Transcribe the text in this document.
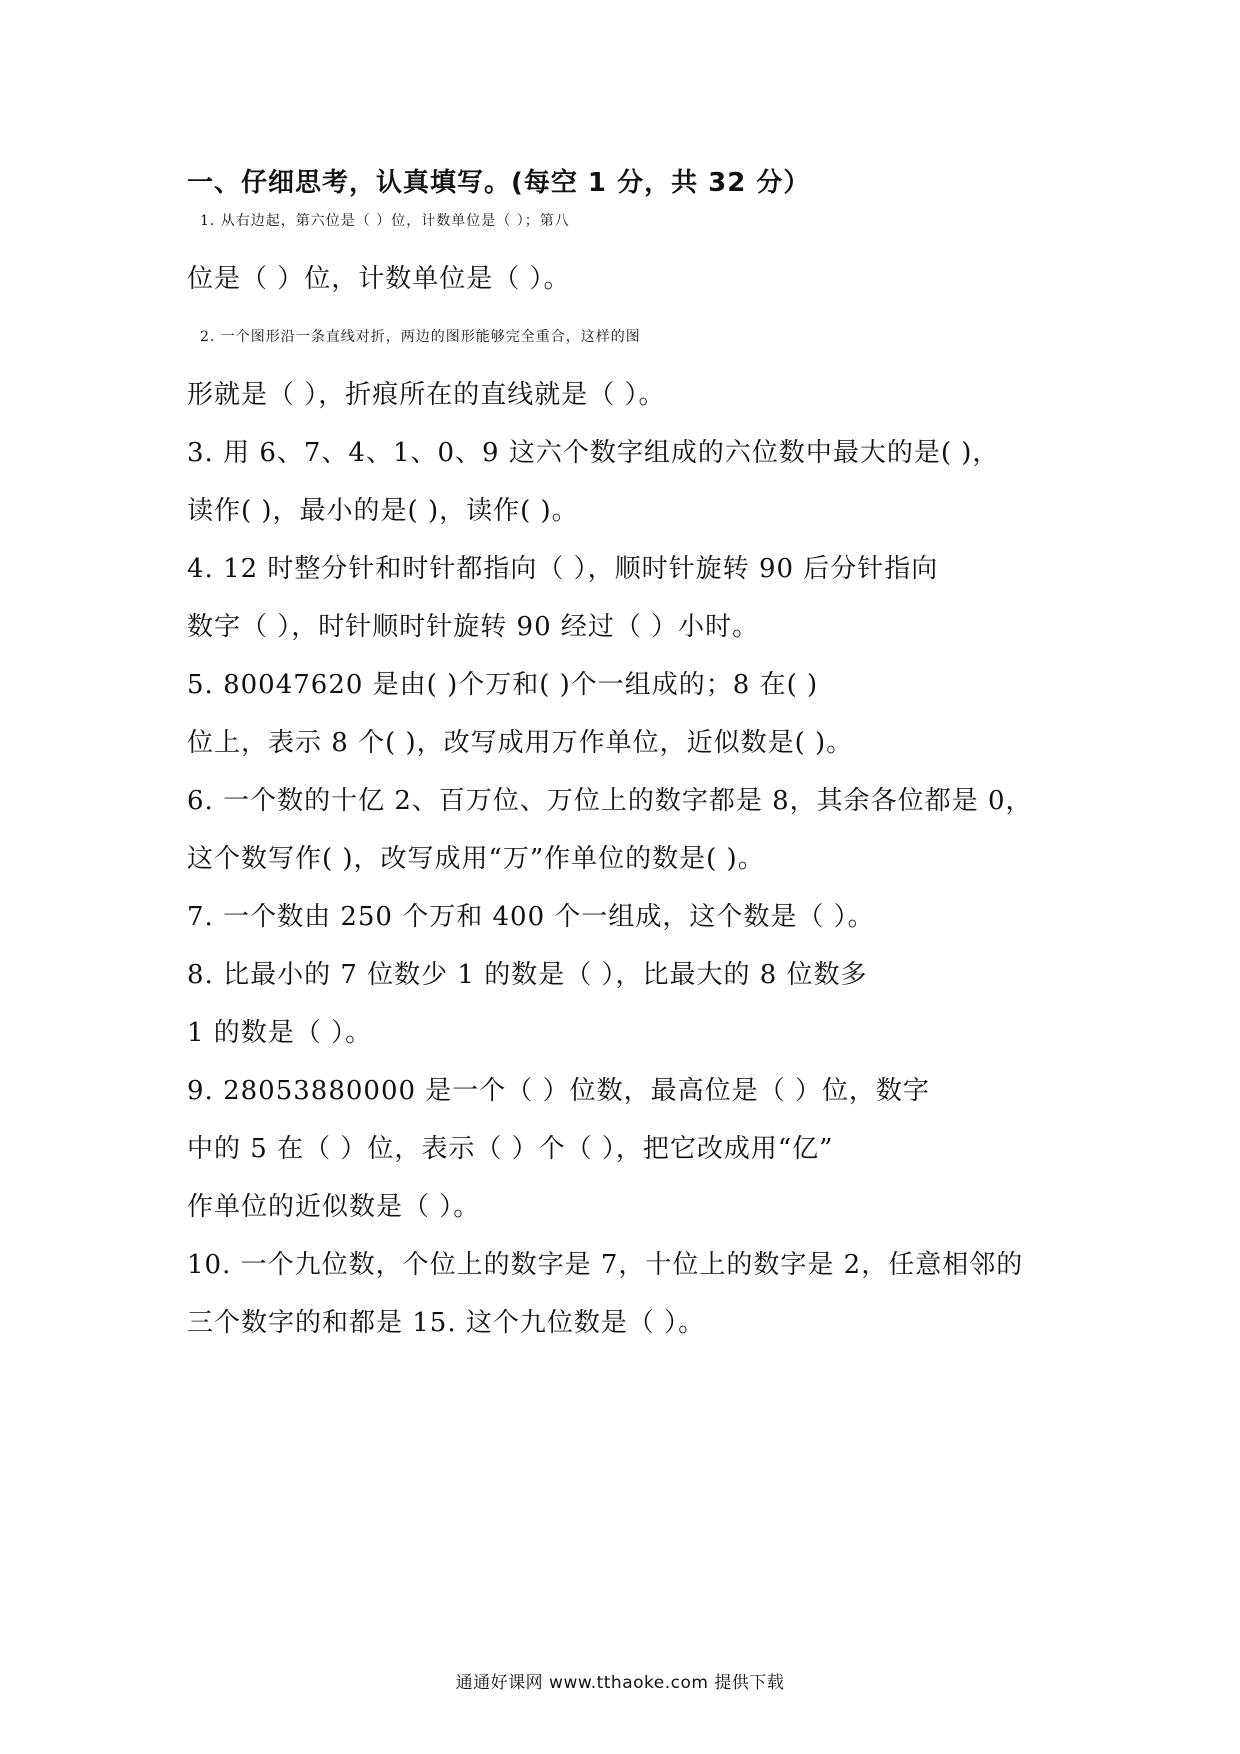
一、仔细思考，认真填写。(每空 1 分，共 32 分）
1. 从右边起，第六位是（ ）位，计数单位是（ ）；第八
位是（ ）位，计数单位是（ ）。
2. 一个图形沿一条直线对折，两边的图形能够完全重合，这样的图
形就是（ ），折痕所在的直线就是（ ）。
3. 用 6、7、4、1、0、9 这六个数字组成的六位数中最大的是( )，
读作( )，最小的是( )，读作( )。
4. 12 时整分针和时针都指向（ ），顺时针旋转 90 后分针指向
数字（ ），时针顺时针旋转 90 经过（ ）小时。
5. 80047620 是由( )个万和( )个一组成的；8 在( )
位上，表示 8 个( )，改写成用万作单位，近似数是( )。
6. 一个数的十亿 2、百万位、万位上的数字都是 8，其余各位都是 0，
这个数写作( )，改写成用“万”作单位的数是( )。
7. 一个数由 250 个万和 400 个一组成，这个数是（ ）。
8. 比最小的 7 位数少 1 的数是（ ），比最大的 8 位数多
1 的数是（ ）。
9. 28053880000 是一个（ ）位数，最高位是（ ）位，数字
中的 5 在（ ）位，表示（ ）个（ ），把它改成用“亿”
作单位的近似数是（ ）。
10. 一个九位数，个位上的数字是 7，十位上的数字是 2，任意相邻的
三个数字的和都是 15. 这个九位数是（ ）。
通通好课网 www.tthaoke.com 提供下载
